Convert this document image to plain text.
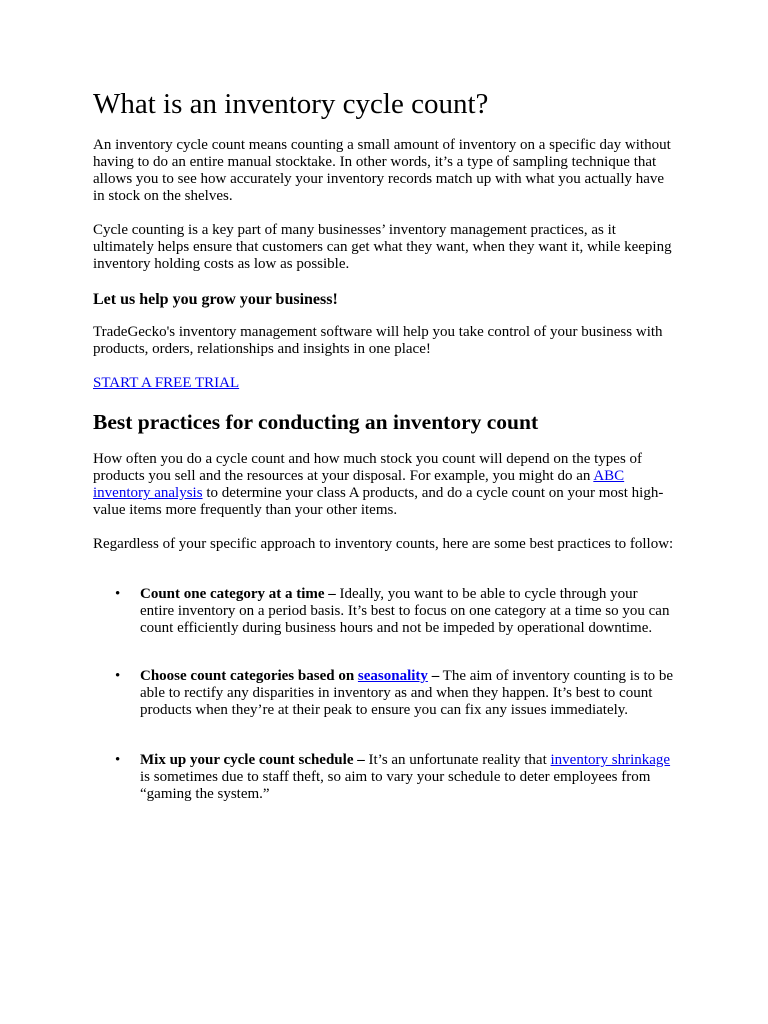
What is an inventory cycle count?

An inventory cycle count means counting a small amount of inventory on a specific day without having to do an entire manual stocktake. In other words, it’s a type of sampling technique that allows you to see how accurately your inventory records match up with what you actually have in stock on the shelves.

Cycle counting is a key part of many businesses’ inventory management practices, as it ultimately helps ensure that customers can get what they want, when they want it, while keeping inventory holding costs as low as possible.

Let us help you grow your business!

TradeGecko's inventory management software will help you take control of your business with products, orders, relationships and insights in one place!

START A FREE TRIAL
Best practices for conducting an inventory count

How often you do a cycle count and how much stock you count will depend on the types of products you sell and the resources at your disposal. For example, you might do an ABC inventory analysis to determine your class A products, and do a cycle count on your most high-value items more frequently than your other items.

Regardless of your specific approach to inventory counts, here are some best practices to follow:

• Count one category at a time – Ideally, you want to be able to cycle through your entire inventory on a period basis. It’s best to focus on one category at a time so you can count efficiently during business hours and not be impeded by operational downtime.
• Choose count categories based on seasonality – The aim of inventory counting is to be able to rectify any disparities in inventory as and when they happen. It’s best to count products when they’re at their peak to ensure you can fix any issues immediately.
• Mix up your cycle count schedule – It’s an unfortunate reality that inventory shrinkage is sometimes due to staff theft, so aim to vary your schedule to deter employees from “gaming the system.”
